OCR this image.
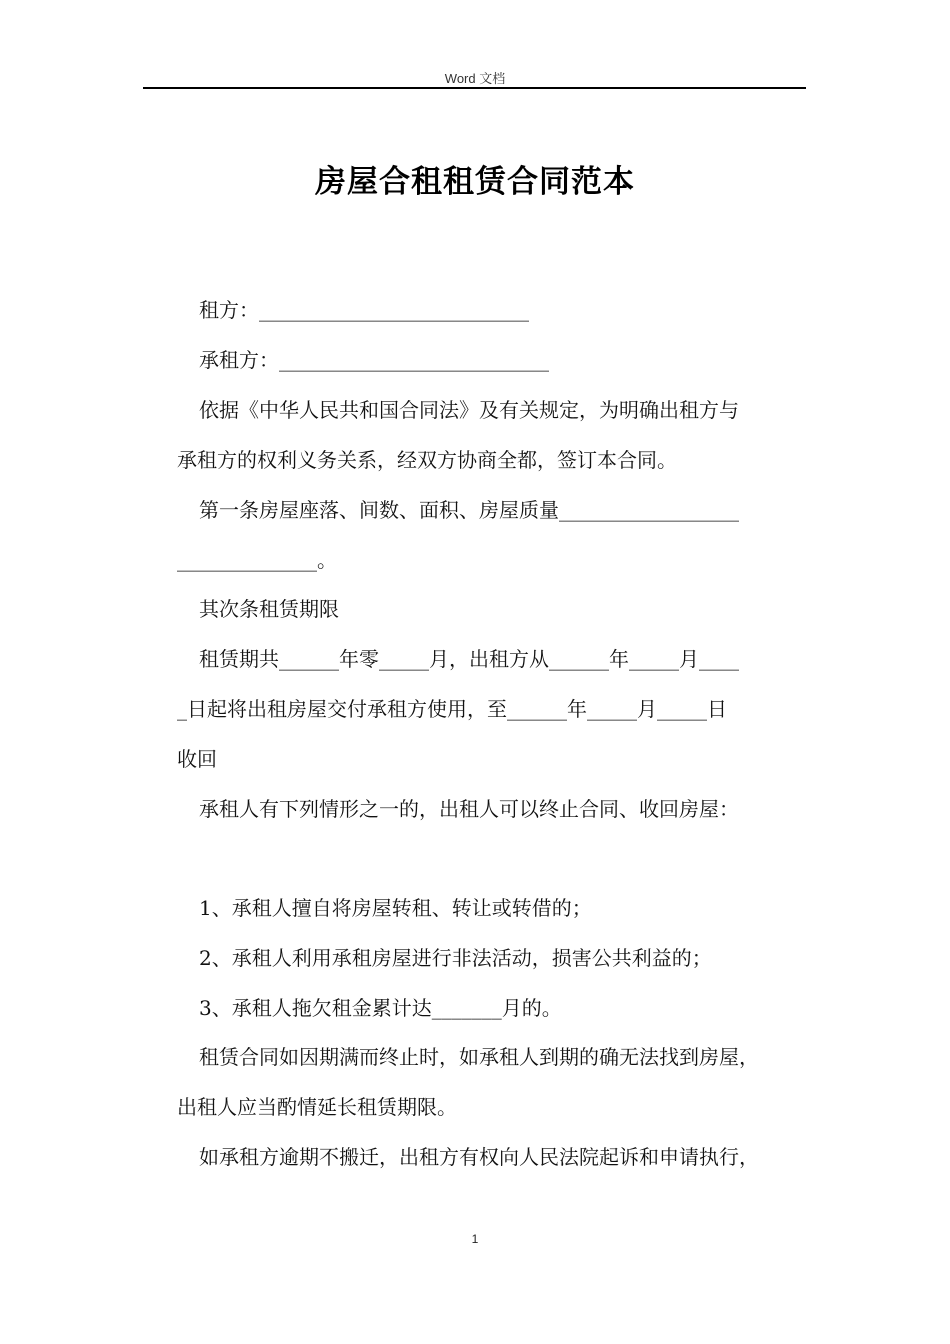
Word 文档
房屋合租租赁合同范本
租方：___________________________
承租方：___________________________
依据《中华人民共和国合同法》及有关规定，为明确出租方与
承租方的权利义务关系，经双方协商全都，签订本合同。
第一条房屋座落、间数、面积、房屋质量__________________
______________。
其次条租赁期限
租赁期共______年零_____月，出租方从______年_____月____
_日起将出租房屋交付承租方使用，至______年_____月_____日
收回
承租人有下列情形之一的，出租人可以终止合同、收回房屋：
1、承租人擅自将房屋转租、转让或转借的；
2、承租人利用承租房屋进行非法活动，损害公共利益的；
3、承租人拖欠租金累计达_______月的。
租赁合同如因期满而终止时，如承租人到期的确无法找到房屋，
出租人应当酌情延长租赁期限。
如承租方逾期不搬迁，出租方有权向人民法院起诉和申请执行，
1
